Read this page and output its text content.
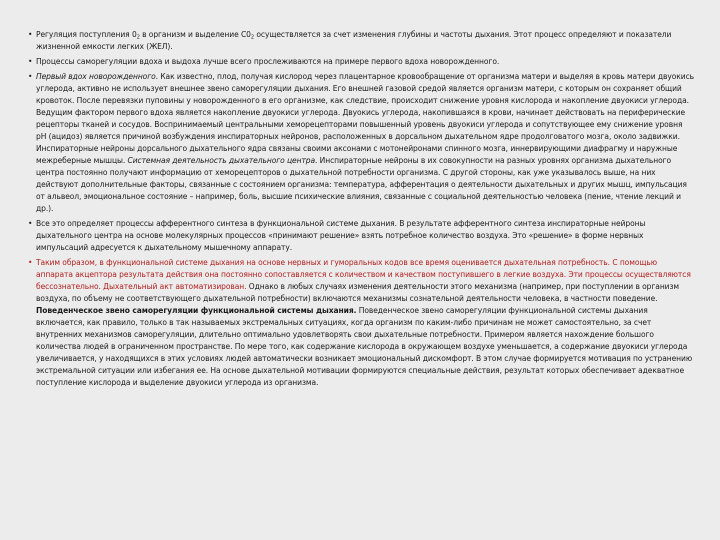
• Регуляция поступления $0_2$ в организм и выделение $С0_2$ осуществляется за счет изменения глубины и частоты дыхания. Этот процесс определяют и показатели жизненной емкости легких (ЖЕЛ).
• Процессы саморегуляции вдоха и выдоха лучше всего прослеживаются на примере первого вдоха новорожденного.
• Первый вдох новорожденного. Как известно, плод, получая кислород через плацентарное кровообращение от организма матери и выделяя в кровь матери двуокись углерода, активно не использует внешнее звено саморегуляции дыхания. Его внешней газовой средой является организм матери, с которым он сохраняет общий кровоток. После перевязки пуповины у новорожденного в его организме, как следствие, происходит снижение уровня кислорода и накопление двуокиси углерода. Ведущим фактором первого вдоха является накопление двуокиси углерода. Двуокись углерода, накопившаяся в крови, начинает действовать на периферические рецепторы тканей и сосудов. Воспринимаемый центральными хеморецепторами повышенный уровень двуокиси углерода и сопутствующее ему снижение уровня pH (ацидоз) является причиной возбуждения инспираторных нейронов, расположенных в дорсальном дыхательном ядре продолговатого мозга, около задвижки. Инспираторные нейроны дорсального дыхательного ядра связаны своими аксонами с мотонейронами спинного мозга, иннервирующими диафрагму и наружные межреберные мышцы. Системная деятельность дыхательного центра. Инспираторные нейроны в их совокупности на разных уровнях организма дыхательного центра постоянно получают информацию от хеморецепторов о дыхательной потребности организма. С другой стороны, как уже указывалось выше, на них действуют дополнительные факторы, связанные с состоянием организма: температура, афферентация о деятельности дыхательных и других мышц, импульсация от альвеол, эмоциональное состояние – например, боль, высшие психические влияния, связанные с социальной деятельностью человека (пение, чтение лекций и др.).
• Все это определяет процессы афферентного синтеза в функциональной системе дыхания. В результате афферентного синтеза инспираторные нейроны дыхательного центра на основе молекулярных процессов «принимают решение» взять потребное количество воздуха. Это «решение» в форме нервных импульсаций адресуется к дыхательному мышечному аппарату.
• Таким образом, в функциональной системе дыхания на основе нервных и гуморальных кодов все время оценивается дыхательная потребность. С помощью аппарата акцептора результата действия она постоянно сопоставляется с количеством и качеством поступившего в легкие воздуха. Эти процессы осуществляются бессознательно. Дыхательный акт автоматизирован. Однако в любых случаях изменения деятельности этого механизма (например, при поступлении в организм воздуха, по объему не соответствующего дыхательной потребности) включаются механизмы сознательной деятельности человека, в частности поведение. Поведенческое звено саморегуляции функциональной системы дыхания. Поведенческое звено саморегуляции функциональной системы дыхания включается, как правило, только в так называемых экстремальных ситуациях, когда организм по каким-либо причинам не может самостоятельно, за счет внутренних механизмов саморегуляции, длительно оптимально удовлетворять свои дыхательные потребности. Примером является нахождение большого количества людей в ограниченном пространстве. По мере того, как содержание кислорода в окружающем воздухе уменьшается, а содержание двуокиси углерода увеличивается, у находящихся в этих условиях людей автоматически возникает эмоциональный дискомфорт. В этом случае формируется мотивация по устранению экстремальной ситуации или избегания ее. На основе дыхательной мотивации формируются специальные действия, результат которых обеспечивает адекватное поступление кислорода и выделение двуокиси углерода из организма.
